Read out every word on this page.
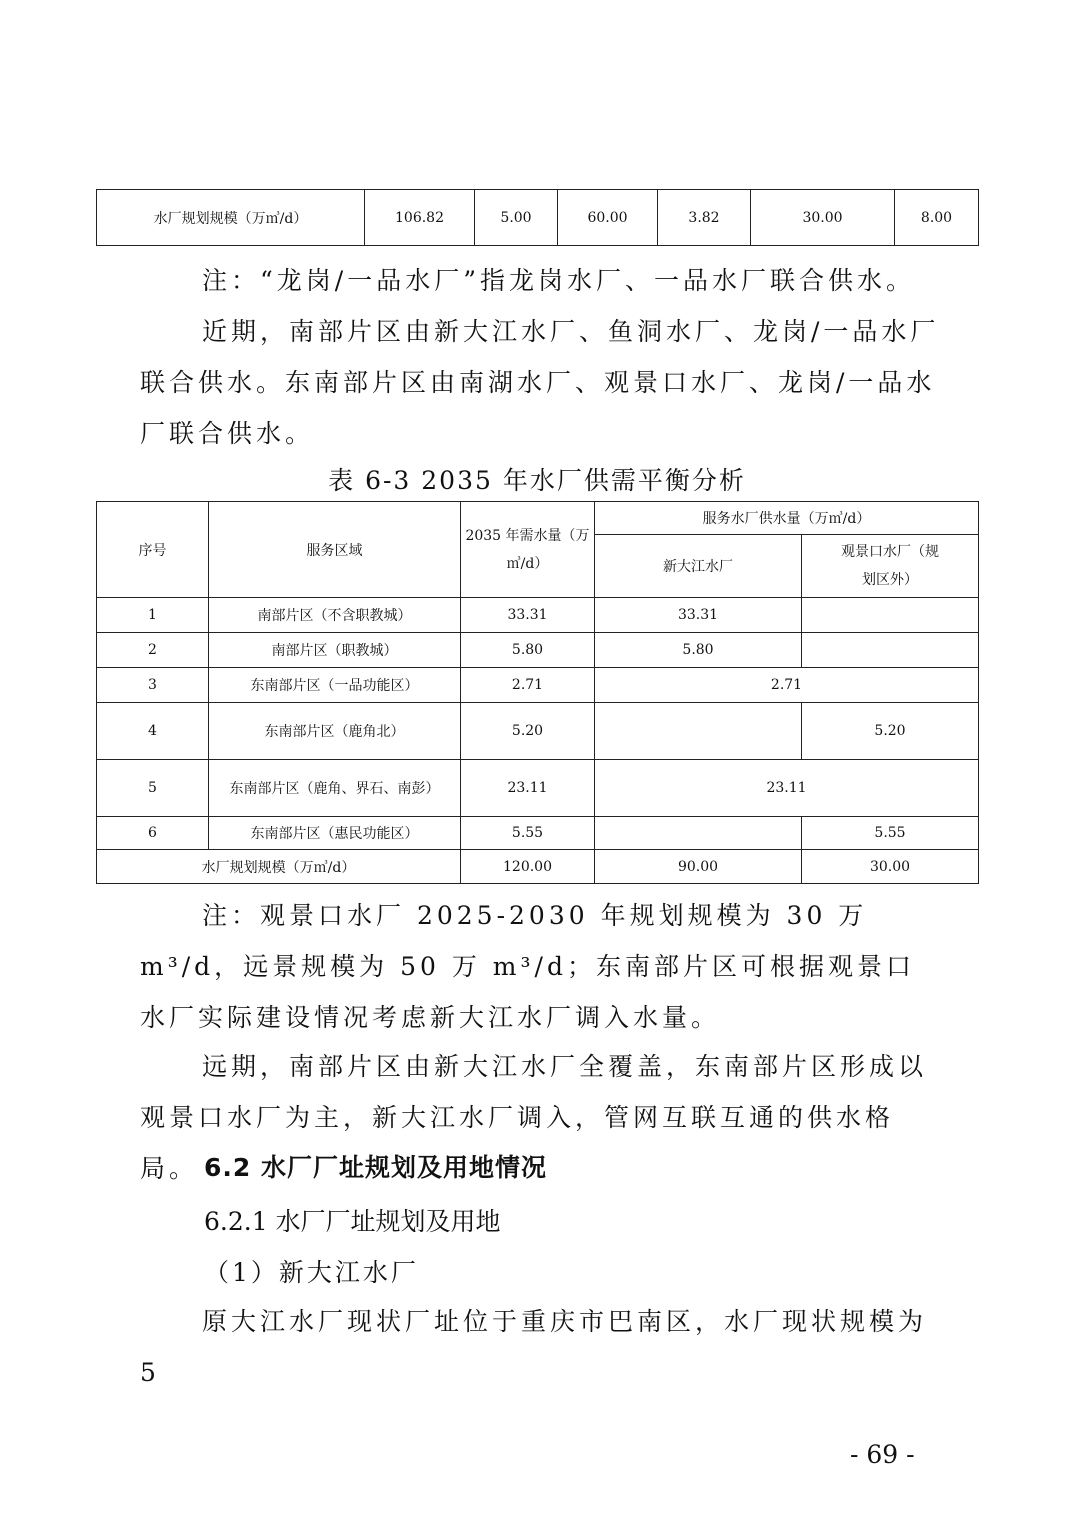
水厂规划规模（万㎥/d）	106.82	5.00	60.00	3.82	30.00	8.00

注：“龙岗/一品水厂”指龙岗水厂、一品水厂联合供水。

近期，南部片区由新大江水厂、鱼洞水厂、龙岗/一品水厂联合供水。东南部片区由南湖水厂、观景口水厂、龙岗/一品水厂联合供水。

表 6-3 2035 年水厂供需平衡分析
序号	服务区域	2035 年需水量（万㎥/d）	服务水厂供水量（万㎥/d）	
			新大江水厂	观景口水厂（规划区外）
1	南部片区（不含职教城）	33.31	33.31	
2	南部片区（职教城）	5.80	5.80	
3	东南部片区（一品功能区）	2.71	2.71	
4	东南部片区（鹿角北）	5.20		5.20
5	东南部片区（鹿角、界石、南彭）	23.11	23.11	
6	东南部片区（惠民功能区）	5.55		5.55
水厂规划规模（万㎥/d）		120.00	90.00	30.00

注：观景口水厂 2025-2030 年规划规模为 30 万 m³/d，远景规模为 50 万 m³/d；东南部片区可根据观景口水厂实际建设情况考虑新大江水厂调入水量。

远期，南部片区由新大江水厂全覆盖，东南部片区形成以观景口水厂为主，新大江水厂调入，管网互联互通的供水格局。 6.2 水厂厂址规划及用地情况
6.2.1 水厂厂址规划及用地
（1）新大江水厂

原大江水厂现状厂址位于重庆市巴南区，水厂现状规模为 5

- 69 -
